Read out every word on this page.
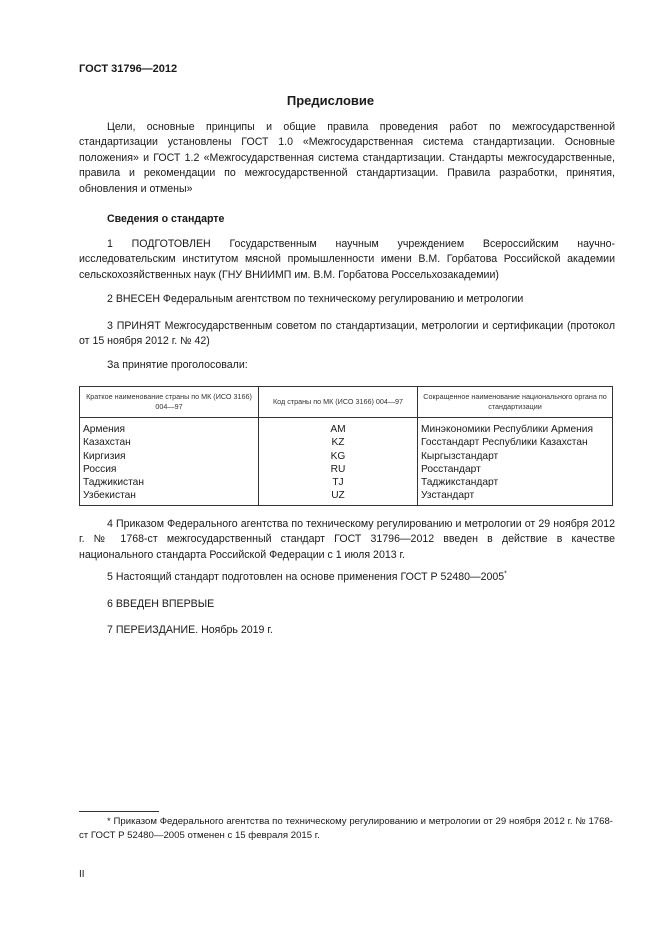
ГОСТ 31796—2012
Предисловие
Цели, основные принципы и общие правила проведения работ по межгосударственной стандартизации установлены ГОСТ 1.0 «Межгосударственная система стандартизации. Основные положения» и ГОСТ 1.2 «Межгосударственная система стандартизации. Стандарты межгосударственные, правила и рекомендации по межгосударственной стандартизации. Правила разработки, принятия, обновления и отмены»
Сведения о стандарте
1 ПОДГОТОВЛЕН Государственным научным учреждением Всероссийским научно-исследовательским институтом мясной промышленности имени В.М. Горбатова Российской академии сельскохозяйственных наук (ГНУ ВНИИМП им. В.М. Горбатова Россельхозакадемии)
2 ВНЕСЕН Федеральным агентством по техническому регулированию и метрологии
3 ПРИНЯТ Межгосударственным советом по стандартизации, метрологии и сертификации (протокол от 15 ноября 2012 г. № 42)
За принятие проголосовали:
Краткое наименование страны по МК (ИСО 3166) 004—97	Код страны по МК (ИСО 3166) 004—97	Сокращенное наименование национального органа по стандартизации
Армения	AM	Минэкономики Республики Армения
Казахстан	KZ	Госстандарт Республики Казахстан
Киргизия	KG	Кыргызстандарт
Россия	RU	Росстандарт
Таджикистан	TJ	Таджикстандарт
Узбекистан	UZ	Узстандарт
4 Приказом Федерального агентства по техническому регулированию и метрологии от 29 ноября 2012 г. № 1768-ст межгосударственный стандарт ГОСТ 31796—2012 введен в действие в качестве национального стандарта Российской Федерации с 1 июля 2013 г.
5 Настоящий стандарт подготовлен на основе применения ГОСТ Р 52480—2005*
6 ВВЕДЕН ВПЕРВЫЕ
7 ПЕРЕИЗДАНИЕ. Ноябрь 2019 г.
* Приказом Федерального агентства по техническому регулированию и метрологии от 29 ноября 2012 г. № 1768-ст ГОСТ Р 52480—2005 отменен с 15 февраля 2015 г.
II
